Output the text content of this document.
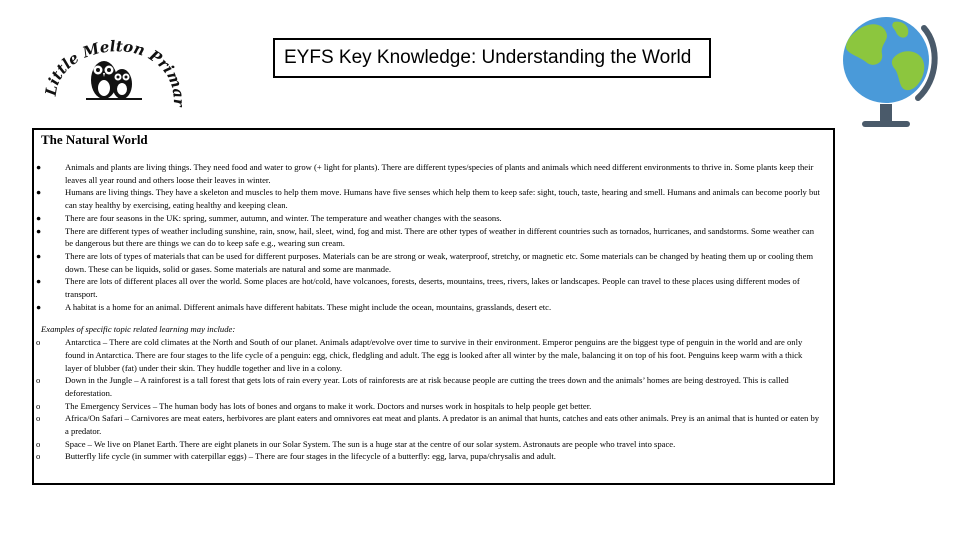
Little Melton Primar
EYFS Key Knowledge: Understanding the World
The Natural World
●	Animals and plants are living things. They need food and water to grow (+ light for plants). There are different types/species of plants and animals which need different environments to thrive in. Some plants keep their leaves all year round and others loose their leaves in winter.
●	Humans are living things. They have a skeleton and muscles to help them move. Humans have five senses which help them to keep safe: sight, touch, taste, hearing and smell. Humans and animals can become poorly but can stay healthy by exercising, eating healthy and keeping clean.
●	There are four seasons in the UK: spring, summer, autumn, and winter. The temperature and weather changes with the seasons.
●	There are different types of weather including sunshine, rain, snow, hail, sleet, wind, fog and mist. There are other types of weather in different countries such as tornados, hurricanes, and sandstorms. Some weather can be dangerous but there are things we can do to keep safe e.g., wearing sun cream.
●	There are lots of types of materials that can be used for different purposes. Materials can be are strong or weak, waterproof, stretchy, or magnetic etc. Some materials can be changed by heating them up or cooling them down. These can be liquids, solid or gases. Some materials are natural and some are manmade.
●	There are lots of different places all over the world. Some places are hot/cold, have volcanoes, forests, deserts, mountains, trees, rivers, lakes or landscapes. People can travel to these places using different modes of transport.
●	A habitat is a home for an animal. Different animals have different habitats. These might include the ocean, mountains, grasslands, desert etc.
Examples of specific topic related learning may include:
o	Antarctica – There are cold climates at the North and South of our planet. Animals adapt/evolve over time to survive in their environment. Emperor penguins are the biggest type of penguin in the world and are only found in Antarctica. There are four stages to the life cycle of a penguin: egg, chick, fledgling and adult. The egg is looked after all winter by the male, balancing it on top of his foot. Penguins keep warm with a thick layer of blubber (fat) under their skin. They huddle together and live in a colony.
o	Down in the Jungle – A rainforest is a tall forest that gets lots of rain every year. Lots of rainforests are at risk because people are cutting the trees down and the animals’ homes are being destroyed. This is called deforestation.
o	The Emergency Services – The human body has lots of bones and organs to make it work. Doctors and nurses work in hospitals to help people get better.
o	Africa/On Safari – Carnivores are meat eaters, herbivores are plant eaters and omnivores eat meat and plants. A predator is an animal that hunts, catches and eats other animals. Prey is an animal that is hunted or eaten by a predator.
o	Space – We live on Planet Earth. There are eight planets in our Solar System. The sun is a huge star at the centre of our solar system. Astronauts are people who travel into space.
o	Butterfly life cycle (in summer with caterpillar eggs) – There are four stages in the lifecycle of a butterfly: egg, larva, pupa/chrysalis and adult.
